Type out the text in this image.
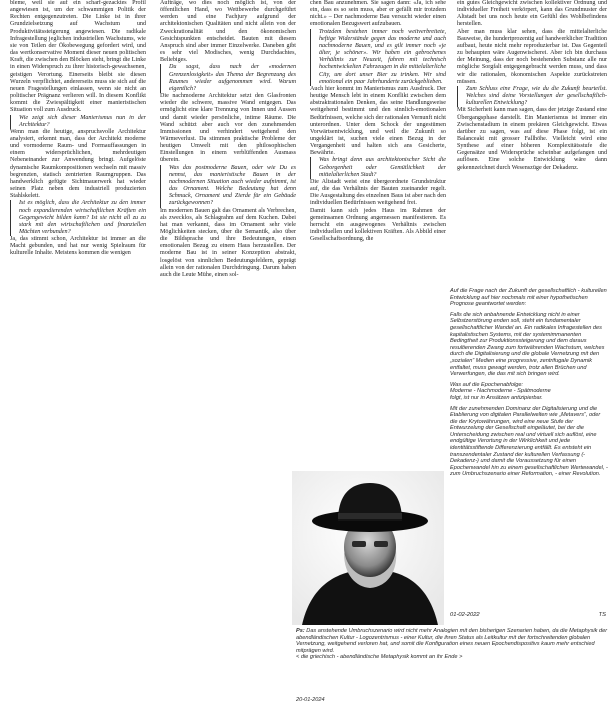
bleme, weil sie auf ein scharf-gezacktes Profil angewiesen ist, um der schwammigen Politik der Rechten entgegenzutreten. Die Linke ist in ihrer Grundzielsetzung auf Wachstum und Produktivitätssteigerung angewiesen. Die radikale Infragestellung jeglichen industriellen Wachstums, wie sie von Teilen der Ökobewegung gefordert wird, und das wertkonservative Moment dieser neuen politischen Kraft, die zwischen den Blöcken steht, bringt die Linke in einen Widerspruch zu ihrer historisch-gewachsenen, geistigen Verortung. Einerseits bleibt sie diesen Wurzeln verpflichtet, andererseits muss sie sich auf die neuen Fragestellungen einlassen, wenn sie nicht an politischer Prägnanz verlieren will. In diesem Konflikt kommt die Zwiespältigkeit einer manieristischen Situation voll zum Ausdruck.

Wie zeigt sich dieser Manierismus nun in der Architektur?

Wenn man die heutige, anspruchsvolle Architektur analysiert, erkennt man, dass der Architekt moderne und vormoderne Raum- und Formauffassungen in einem widersprüchlichen, mehrdeutigen Nebeneinander zur Anwendung bringt. Aufgelöste dynamische Raumkompositionen wechseln mit massiv begrenzten, statisch zentrierten Raumgruppen. Das handwerklich gefügte Sichtmauerwerk hat wieder seinen Platz neben dem industriell produzierten Stahlskelett.

Ist es möglich, dass die Architektur zu den immer noch expandierenden wirtschaftlichen Kräften ein Gegengewicht bilden kann? Ist sie nicht all zu zu stark mit den wirtschaftlichen und finanziellen Mächten verbunden?

Ja, das stimmt schon, Architektur ist immer an die Macht gebunden, und hat nur wenig Spielraum für kulturelle Inhalte. Meistens kommen die wenigen

Aufträge, wo dies noch möglich ist, von der öffentlichen Hand, wo Wettbewerbe durchgeführt werden und eine Fachjury aufgrund der architektonischen Qualitäten und nicht allein von der Zweckrationalität und den ökonomischen Gesichtspunkten entscheidet. Bauten mit diesem Anspruch sind aber immer Einzelwerke. Daneben gibt es sehr viel Modisches, wenig Durchdachtes, Beliebiges.

Du sagst, dass nach der «modernen Grenzenlosigkeit» das Thema der Begrenzung des Raumes wieder aufgenommen wird. Warum eigentlich?

Die nachmoderne Architektur setzt den Glasfronten wieder die schwere, massive Wand entgegen. Das ermöglicht eine klare Trennung von Innen und Aussen und damit wieder persönliche, intime Räume. Die Wand schützt aber auch vor den zunehmenden Immissionen und verhindert weitgehend den Wärmeverlust. Da stimmen praktische Probleme der heutigen Umwelt mit den philosophischen Einstellungen in einem verblüffenden Ausmass überein.

Was das postmoderne Bauen, oder wie Du es nennst, das manieristische Bauen in der nachmodernen Situation auch wieder aufnimmt, ist das Ornament. Welche Bedeutung hat denn Schmuck, Ornament und Zierde für ein Gebäude zurückgewonnen?

Im modernen Bauen galt das Ornament als Verbrechen, als zwecklos, als Schlagrahm auf dem Kuchen. Dabei hat man verkannt, dass im Ornament sehr viele Möglichkeiten stecken, über die Semantik, also über die Bildsprache und ihre Bedeutungen, einen emotionalen Bezug zu einem Haus herzustellen. Der moderne Bau ist in seiner Konzeption abstrakt, losgelöst von sinnlichen Bedeutungsfeldern, geprägt allein von der rationalen Durchdringung. Darum haben auch die Leute Mühe, einen sol-

chen Bau anzunehmen. Sie sagen dann: «Ja, ich sehe ein, dass es so sein muss, aber er gefällt mir trotzdem nicht.» – Der nachmoderne Bau versucht wieder einen emotionalen Bezugswert aufzubauen.

Trotzdem bestehen immer noch weitverbreitete, heftige Widerstände gegen das moderne und auch nachmoderne Bauen, und es gilt immer noch «je älter, je schöner». Wir haben ein gebrochenes Verhältnis zur Neuzeit, fahren mit technisch hochentwickelten Fahrzeugen in die mittelalterliche City, um dort unser Bier zu trinken. Wir sind emotional ein paar Jahrhunderte zurückgeblieben.

Auch hier kommt im Manierismus zum Ausdruck. Der heutige Mensch lebt in einem Konflikt zwischen dem abstraktrationalen Denken, das seine Handlungsweise weitgehend bestimmt und den sinnlich-emotionalen Bedürfnissen, welche sich der rationalen Vernunft nicht unterordnen. Unter dem Schock der ungestümen Vorwärtsentwicklung, und weil die Zukunft so ungeklärt ist, suchen viele einen Bezug in der Vergangenheit und halten sich ans Gesicherte, Bewährte.

Was bringt denn aus architektonischer Sicht die Geborgenheit oder Gemütlichkeit der mittelalterlichen Stadt?

Die Altstadt weist eine übergeordnete Grundstruktur auf, die das Verhältnis der Bauten zueinander regelt. Die Ausgestaltung des einzelnen Baus ist aber nach den individuellen Bedürfnissen weitgehend frei.

Damit kann sich jedes Haus im Rahmen der gemeinsamen Ordnung angemessen manifestieren. Es herrscht ein ausgewogenes Verhältnis zwischen individuellen und kollektiven Kräften. Als Abbild einer Gesellschaftsordnung, die

ein gutes Gleichgewicht zwischen kollektiver Ordnung und individueller Freiheit verkörpert, kann das Grundmuster der Altstadt bei uns noch heute ein Gefühl des Wohlbefindens herstellen.

Aber man muss klar sehen, dass die mittelalterliche Bauweise, die hundertprozentig auf handwerklicher Tradition aufbaut, heute nicht mehr reproduzierbar ist. Das Gegenteil zu behaupten wäre Augenwischerei. Aber ich bin durchaus der Meinung, dass der noch bestehenden Substanz alle nur mögliche Sorgfalt entgegengebracht werden muss, und dass wir die rationalen, ökonomischen Aspekte zurückstreten müssen.

Zum Schluss eine Frage, wie du die Zukunft beurteilst. Welches sind deine Vorstellungen der gesellschaftlich-kulturellen Entwicklung?

Mit Sicherheit kann man sagen, dass der jetzige Zustand eine Übergangsphase darstellt. Ein Manierismus ist immer ein Zwischenstadium in einem prekären Gleichgewicht. Etwas darüber zu sagen, was auf diese Phase folgt, ist ein Balanceakt mit grosser Fallhöhe. Vielleicht wird eine Synthese auf einer höheren Komplexitätsstufe die Gegensätze und Widersprüche scheinbar aufgefangen und auflösen. Eine solche Entwicklung wäre dann gekennzeichnet durch Wesenszüge der Dekadenz.

Auf die Frage nach der Zukunft der gesellschaftlich - kulturellen Entwicklung auf hier nochmals mit einer hypothetischen Prognose geantwortet werden:

Falls die sich anbahnende Entwicklung nicht in einer Selbstzerstörung enden soll, steht ein fundamentaler gesellschaftlicher Wandel an. Ein radikales Infragestellen des kapitalistischen Systems, mit der systemimmanenten Bedingtheit zur Produktionssteigerung und dem daraus resultierenden Zwang zum fortwährenden Wachstum, welches durch die Digitalisierung und die globale Vernetzung mit den „sozialen“ Medien eine progressive, zentrifugale Dynamik entfaltet, muss gewagt werden, trotz allen Brüchen und Verwerfungen, die das mit sich bringen wird.

Was auf die Epochenabfolge:
Moderne - Nachmoderne - Spätmoderne
folgt, ist nur in Ansätzen antizipierbar.

Mit der zunehmenden Dominanz der Digitalisierung und die Etablierung von digitalen Parallelwelten wie „Metavers“, oder die der Krytowährungen, wird eine neue Stufe der Entwurzelung der Gesellschaft eingeläutet, bei der die Unterscheidung zwischen real und virtuell sich auflöst, eine endgültige Verortung in der Wirklichkeit und jede identitätsstiftende Differenzierung entfällt. Es entsteht ein transzendentaler Zustand der kulturellen Verfassung (-Dekadenz-) und damit die Voraussetzung für einen Epochenwandel hin zu einem gesellschaftlichen Wertewandel, - zum Umbruchszenario einer Reformation, - einer Revolution.

01-02-2022	TS
Ps: Das anstehende Umbruchszenario wird nicht mehr Analogien mit den bisherigen Szenarien haben, da die Metaphysik der abendländischen Kultur - Logozentrismus - einer Kultur, die ihren Status als Leitkultur mit der fortschreitenden globalen Vernetzung, weitgehend verloren hat, und somit die Konfiguration eines neuen Epochendispositivs kaum mehr entschied mitprägen wird.
< die griechisch - abendländische Metaphysik kommt an ihr Ende >
20-01-2024
